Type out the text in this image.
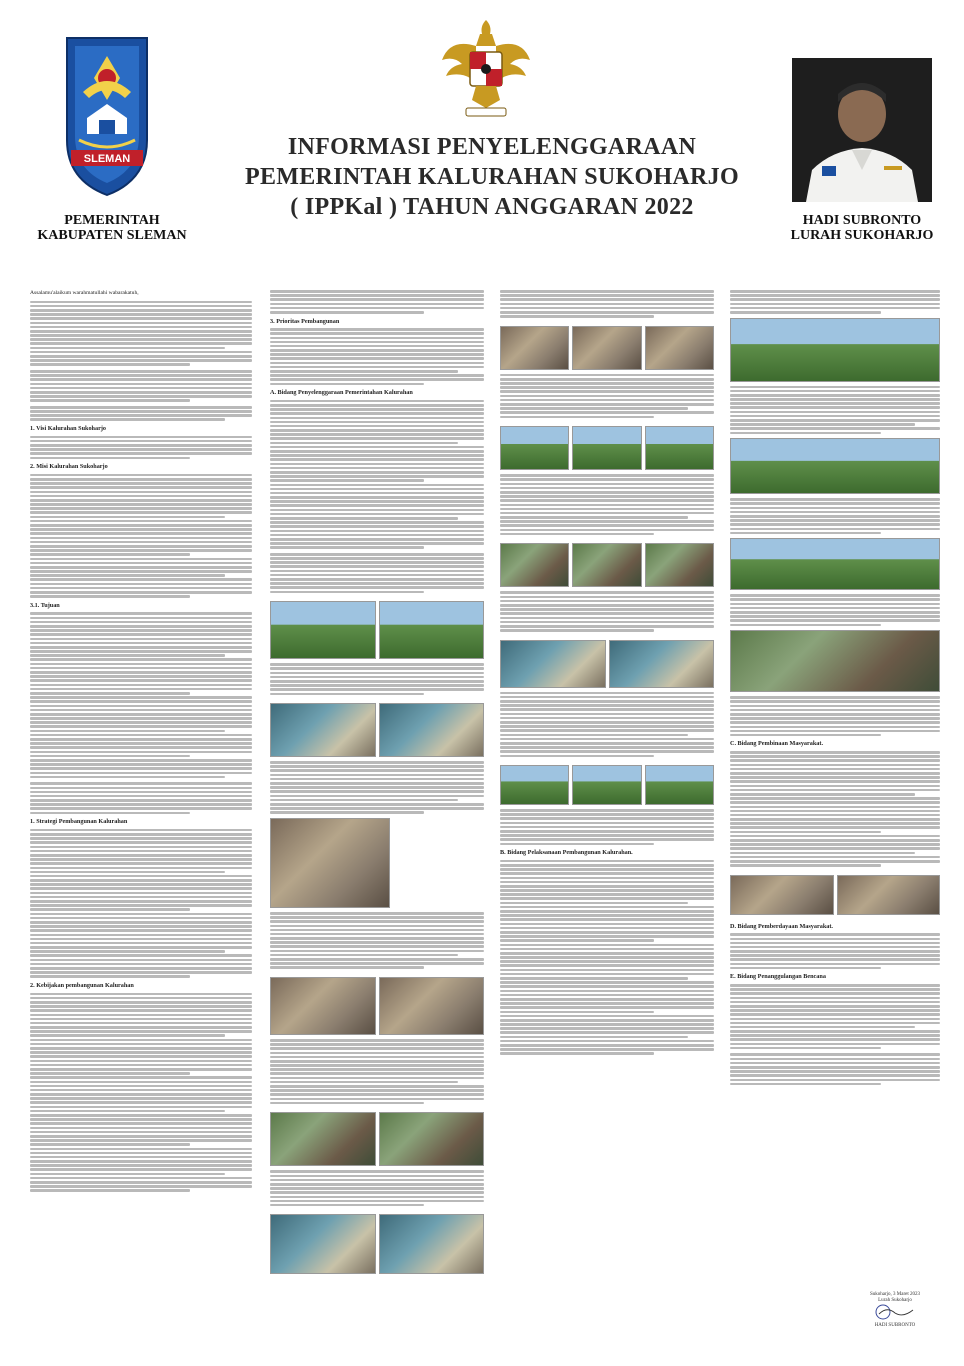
SLEMAN
PEMERINTAH
KABUPATEN SLEMAN
INFORMASI PENYELENGGARAAN
PEMERINTAH KALURAHAN SUKOHARJO
( IPPKal ) TAHUN ANGGARAN 2022
HADI SUBRONTO
LURAH SUKOHARJO
Assalamu'alaikum warahmatullahi wabarakatuh,
1. Visi Kalurahan Sukoharjo
2. Misi Kalurahan Sukoharjo
3.1. Tujuan
1. Strategi Pembangunan Kalurahan
2. Kebijakan pembangunan Kalurahan
3. Prioritas Pembangunan
A. Bidang Penyelenggaraan Pemerintahan Kalurahan
B. Bidang Pelaksanaan Pembangunan Kalurahan.
C. Bidang Pembinaan Masyarakat.
D. Bidang Pemberdayaan Masyarakat.
E. Bidang Penanggulangan Bencana
Sukoharjo, 3 Maret 2023
Lurah Sukoharjo
HADI SUBRONTO
